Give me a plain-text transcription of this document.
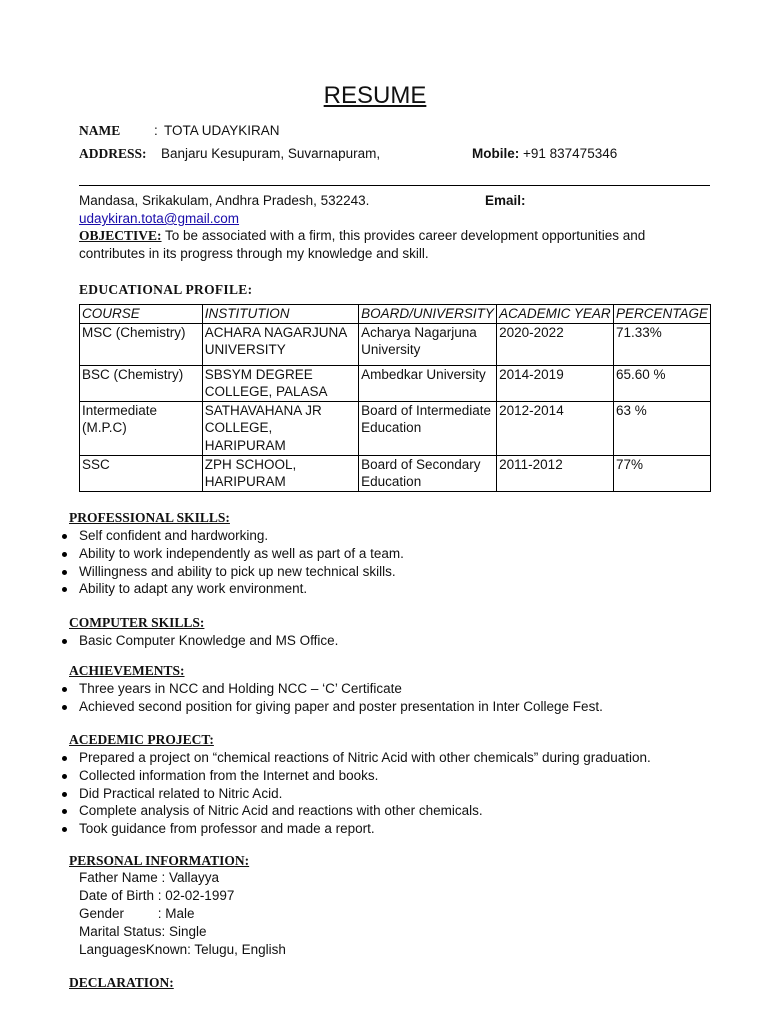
RESUME
NAME	: TOTA UDAYKIRAN
ADDRESS: Banjaru Kesupuram, Suvarnapuram,	Mobile: +91 837475346
Mandasa, Srikakulam, Andhra Pradesh, 532243.	Email:
udaykiran.tota@gmail.com
OBJECTIVE: To be associated with a firm, this provides career development opportunities and
contributes in its progress through my knowledge and skill.
EDUCATIONAL PROFILE:
COURSE	INSTITUTION	BOARD/UNIVERSITY	ACADEMIC YEAR	PERCENTAGE
MSC (Chemistry)	ACHARA NAGARJUNA UNIVERSITY	Acharya Nagarjuna University	2020-2022	71.33%
BSC (Chemistry)	SBSYM DEGREE COLLEGE, PALASA	Ambedkar University	2014-2019	65.60 %
Intermediate (M.P.C)	SATHAVAHANA JR COLLEGE, HARIPURAM	Board of Intermediate Education	2012-2014	63 %
SSC	ZPH SCHOOL, HARIPURAM	Board of Secondary Education	2011-2012	77%
PROFESSIONAL SKILLS:
Self confident and hardworking.
Ability to work independently as well as part of a team.
Willingness and ability to pick up new technical skills.
Ability to adapt any work environment.
COMPUTER SKILLS:
Basic Computer Knowledge and MS Office.
ACHIEVEMENTS:
Three years in NCC and Holding NCC – ‘C’ Certificate
Achieved second position for giving paper and poster presentation in Inter College Fest.
ACEDEMIC PROJECT:
Prepared a project on “chemical reactions of Nitric Acid with other chemicals” during graduation.
Collected information from the Internet and books.
Did Practical related to Nitric Acid.
Complete analysis of Nitric Acid and reactions with other chemicals.
Took guidance from professor and made a report.
PERSONAL INFORMATION:
Father Name : Vallayya
Date of Birth : 02-02-1997
Gender         : Male
Marital Status: Single
LanguagesKnown: Telugu, English
DECLARATION:
